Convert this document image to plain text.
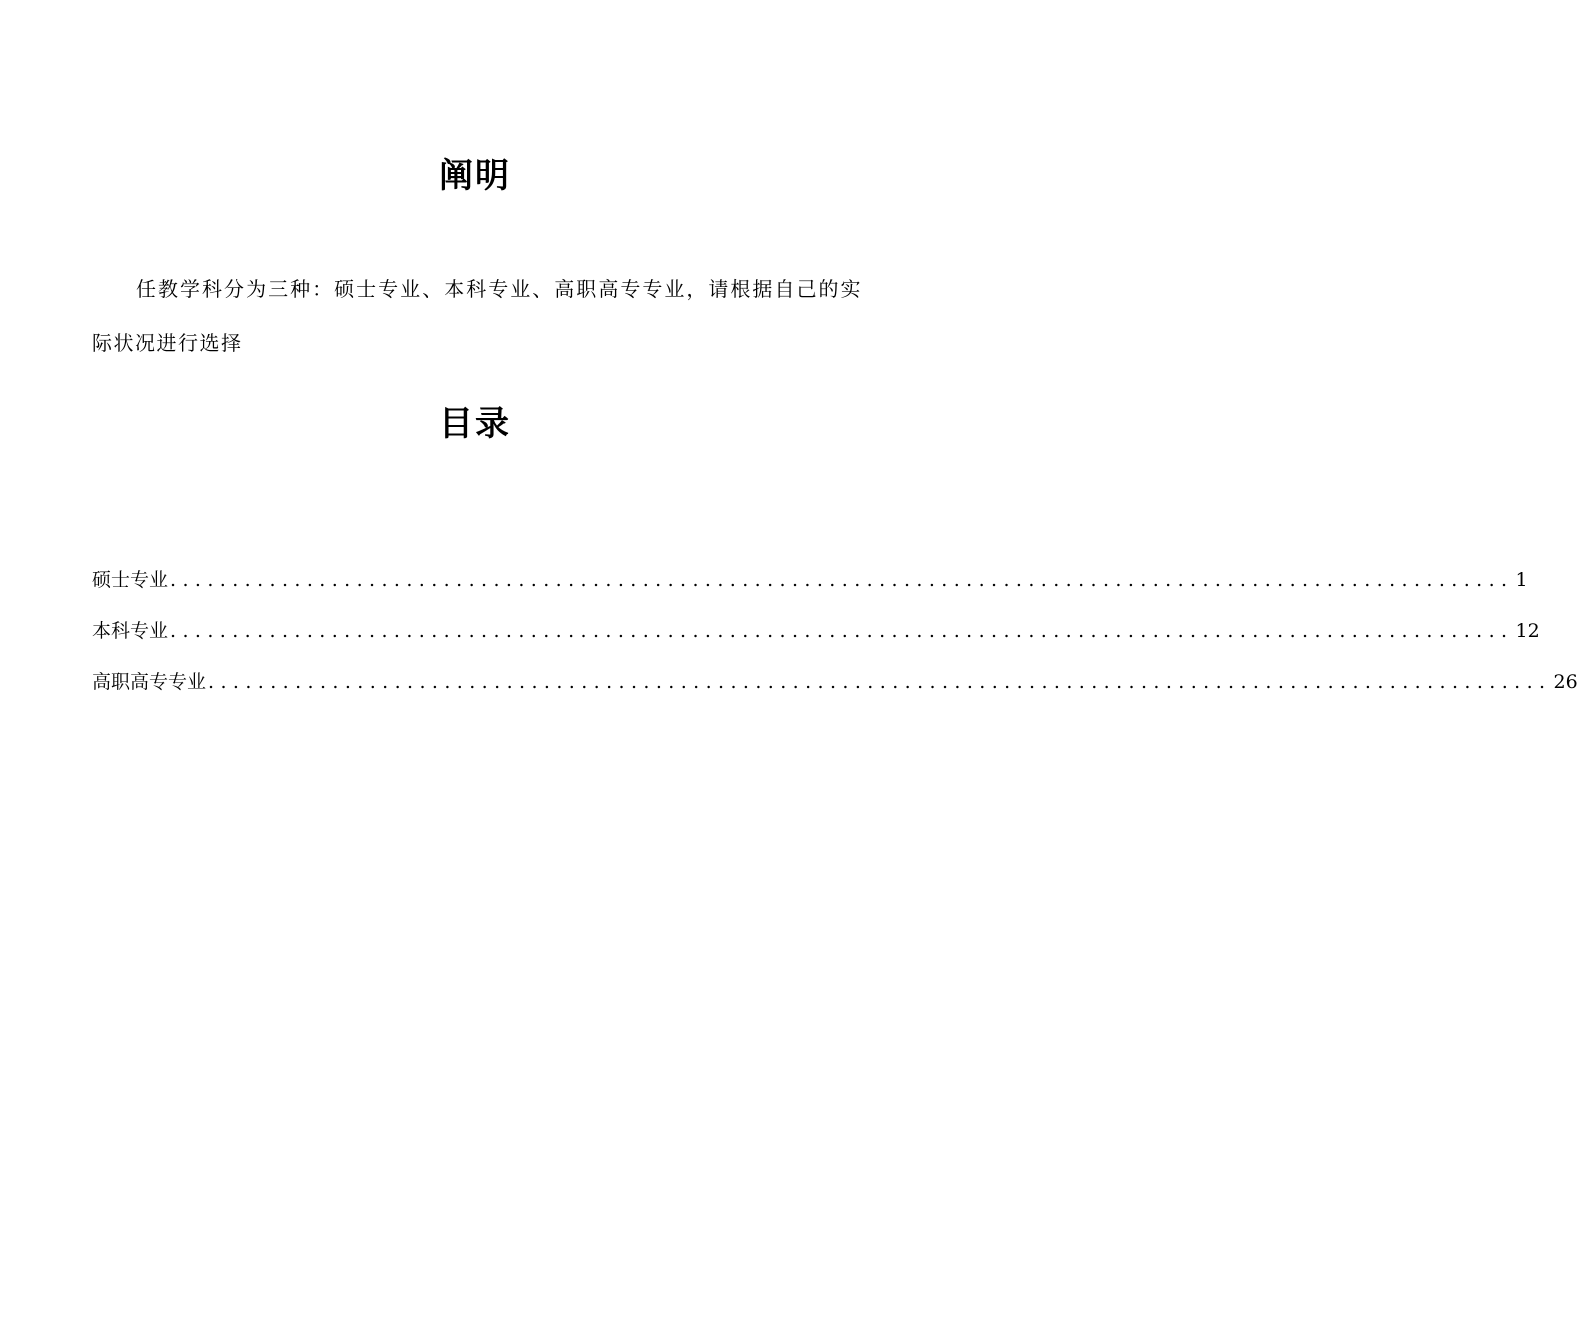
阐明

任教学科分为三种：硕士专业、本科专业、高职高专专业，请根据自己的实际状况进行选择

目录
硕士专业 ............................................................................................................ 1
本科专业 ............................................................................................................ 12
高职高专专业 ............................................................................................................ 26
